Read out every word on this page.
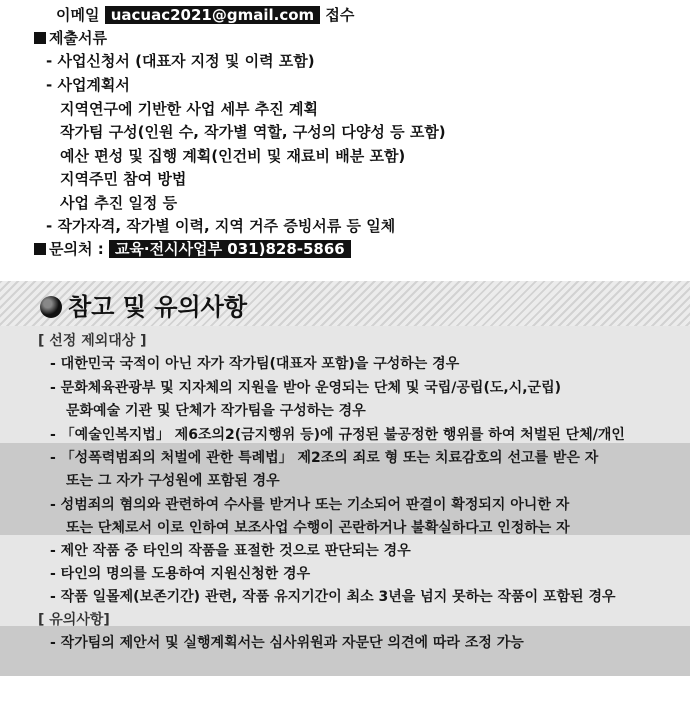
이메일 uacuac2021@gmail.com 접수
제출서류
- 사업신청서 (대표자 지정 및 이력 포함)
- 사업계획서
지역연구에 기반한 사업 세부 추진 계획
작가팀 구성(인원 수, 작가별 역할, 구성의 다양성 등 포함)
예산 편성 및 집행 계획(인건비 및 재료비 배분 포함)
지역주민 참여 방법
사업 추진 일정 등
- 작가자격, 작가별 이력, 지역 거주 증빙서류 등 일체
문의처 : 교육·전시사업부 031)828-5866
참고 및 유의사항
[ 선정 제외대상 ]
- 대한민국 국적이 아닌 자가 작가팀(대표자 포함)을 구성하는 경우
- 문화체육관광부 및 지자체의 지원을 받아 운영되는 단체 및 국립/공립(도,시,군립)
문화예술 기관 및 단체가 작가팀을 구성하는 경우
- 「예술인복지법」 제6조의2(금지행위 등)에 규정된 불공정한 행위를 하여 처벌된 단체/개인
- 「성폭력범죄의 처벌에 관한 특례법」 제2조의 죄로 형 또는 치료감호의 선고를 받은 자
또는 그 자가 구성원에 포함된 경우
- 성범죄의 혐의와 관련하여 수사를 받거나 또는 기소되어 판결이 확정되지 아니한 자
또는 단체로서 이로 인하여 보조사업 수행이 곤란하거나 불확실하다고 인정하는 자
- 제안 작품 중 타인의 작품을 표절한 것으로 판단되는 경우
- 타인의 명의를 도용하여 지원신청한 경우
- 작품 일몰제(보존기간) 관련, 작품 유지기간이 최소 3년을 넘지 못하는 작품이 포함된 경우
[ 유의사항]
- 작가팀의 제안서 및 실행계획서는 심사위원과 자문단 의견에 따라 조정 가능
